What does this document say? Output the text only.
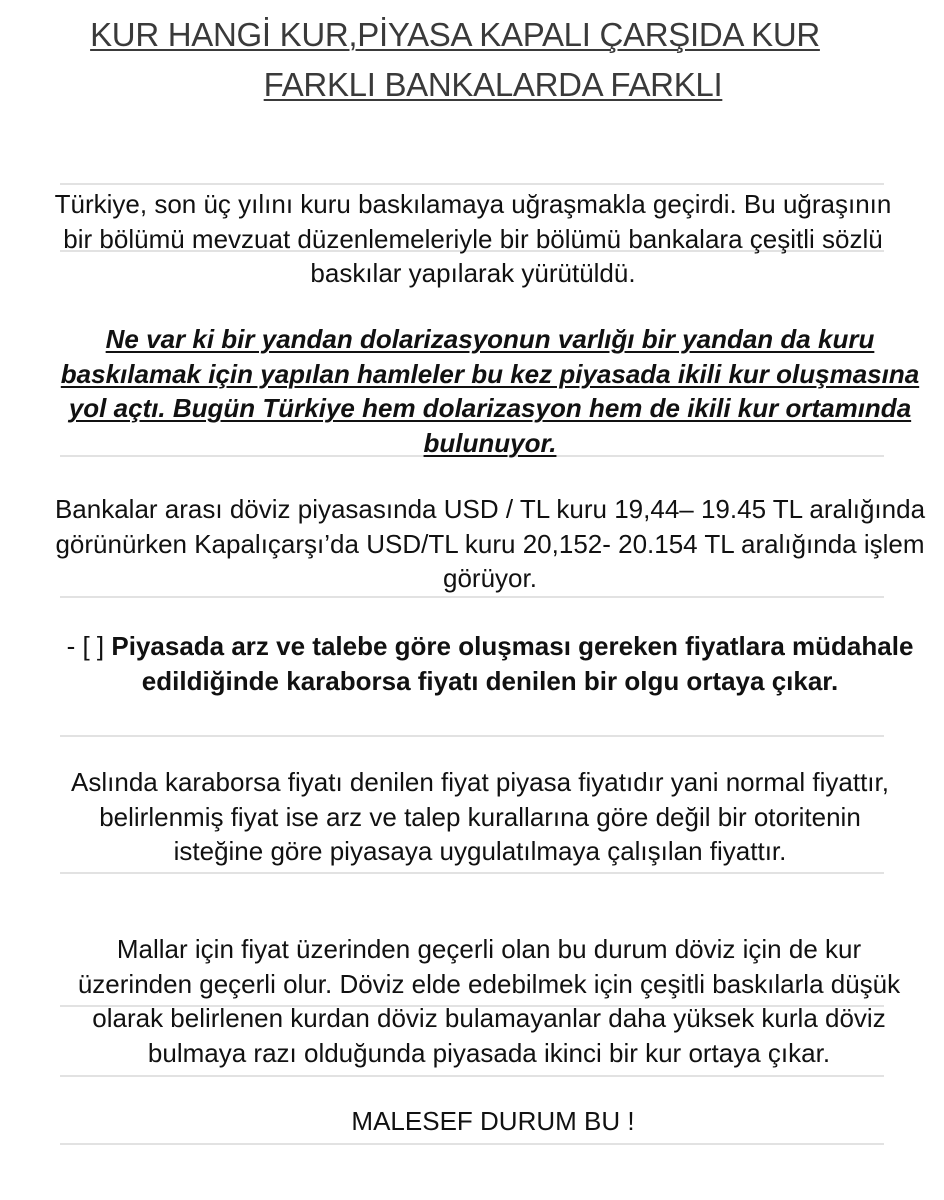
KUR HANGİ KUR,PİYASA KAPALI ÇARŞIDA KUR
FARKLI BANKALARDA FARKLI

Türkiye, son üç yılını kuru baskılamaya uğraşmakla geçirdi. Bu uğraşının bir bölümü mevzuat düzenlemeleriyle bir bölümü bankalara çeşitli sözlü baskılar yapılarak yürütüldü.

Ne var ki bir yandan dolarizasyonun varlığı bir yandan da kuru baskılamak için yapılan hamleler bu kez piyasada ikili kur oluşmasına yol açtı. Bugün Türkiye hem dolarizasyon hem de ikili kur ortamında bulunuyor.

Bankalar arası döviz piyasasında USD / TL kuru 19,44– 19.45 TL aralığında görünürken Kapalıçarşı’da USD/TL kuru 20,152- 20.154 TL aralığında işlem görüyor.

- [ ] Piyasada arz ve talebe göre oluşması gereken fiyatlara müdahale edildiğinde karaborsa fiyatı denilen bir olgu ortaya çıkar.

Aslında karaborsa fiyatı denilen fiyat piyasa fiyatıdır yani normal fiyattır, belirlenmiş fiyat ise arz ve talep kurallarına göre değil bir otoritenin isteğine göre piyasaya uygulatılmaya çalışılan fiyattır.

Mallar için fiyat üzerinden geçerli olan bu durum döviz için de kur üzerinden geçerli olur. Döviz elde edebilmek için çeşitli baskılarla düşük olarak belirlenen kurdan döviz bulamayanlar daha yüksek kurla döviz bulmaya razı olduğunda piyasada ikinci bir kur ortaya çıkar.

MALESEF DURUM BU !
